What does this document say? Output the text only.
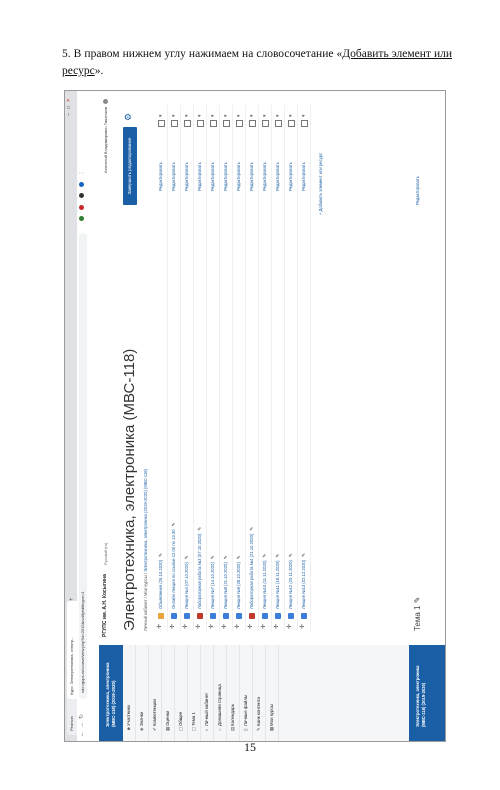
5. В правом нижнем углу нажимаем на словосочетание «Добавить элемент или ресурс».
Pearson
Курс: Электротехника, электр...
+
–□×
←→↻
sdo.rgups.ru/course/view.php?id=2015&notifyeditingon=1
⋮

Электротехника, электроника (МВС-118) (2019-2020)
☻Участники
◈Значки
✔Компетенции
▦Оценки
▢Общее
▢Тема 1
◐Личный кабинет
⌂Домашняя страница
▤Календарь
▯Личные файлы
✎Банк контента
▩Мои курсы	Электротехника, электроника (МВС-118) (2019-2020)
РГУПС им. А.Н. Косыгина
Русский (ru)
Анатолий Владимирович Тишенков
Электротехника, электроника (МВС-118)
Завершить редактирование
⚙
Личный кабинет / Мои курсы / Электротехника, электроника (2019-2020) (МВС-118)
✛
Объявления (26.10.2020)✎
Редактировать
▾
✛
Онлайн лекция по ссылке 12.00 по 13.30✎
Редактировать
▾
✛
Лекция №4 (07.10.2020)✎
Редактировать
▾
✛
Лабораторная работа №3 (07.10.2020)✎
Редактировать
▾
✛
Лекция №7 (14.10.2020)✎
Редактировать
▾
✛
Лекция №8 (21.10.2020)✎
Редактировать
▾
✛
Лекция №9 (28.10.2020)✎
Редактировать
▾
✛
Лабораторная работа №4 (21.10.2020)✎
Редактировать
▾
✛
Лекция №10 (11.11.2020)✎
Редактировать
▾
✛
Лекция №11 (18.11.2020)✎
Редактировать
▾
✛
Лекция №12 (25.11.2020)✎
Редактировать
▾
✛
Лекция №13 (02.12.2020)✎
Редактировать
▾
+ Добавить элемент или ресурс
Тема 1 ✎
Редактировать
15
